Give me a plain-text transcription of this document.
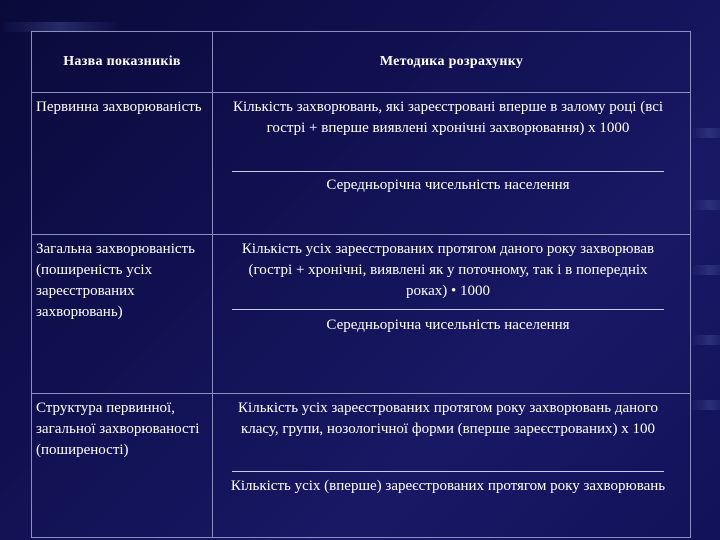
Назва показників	Методика розрахунку
Первинна захворюваність	Кількість захворювань, які зареєстровані вперше в залому році (всі гострі + вперше виявлені хронічні захворювання) х 1000
Середньорічна чисельність населення
Загальна захворюваність (поширеність усіх зареєстрованих захворювань)
Кількість усіх зареєстрованих протягом даного року захворював (гострі + хронічні, виявлені як у поточному, так і в попередніх роках) • 1000
Середньорічна чисельність населення
Структура первинної, загальної захворюваності (поширеності)
Кількість усіх зареєстрованих протягом року захворювань даного класу, групи, нозологічної форми (вперше зареєстрованих) х 100
Кількість усіх (вперше) зареєстрованих протягом року захворювань
